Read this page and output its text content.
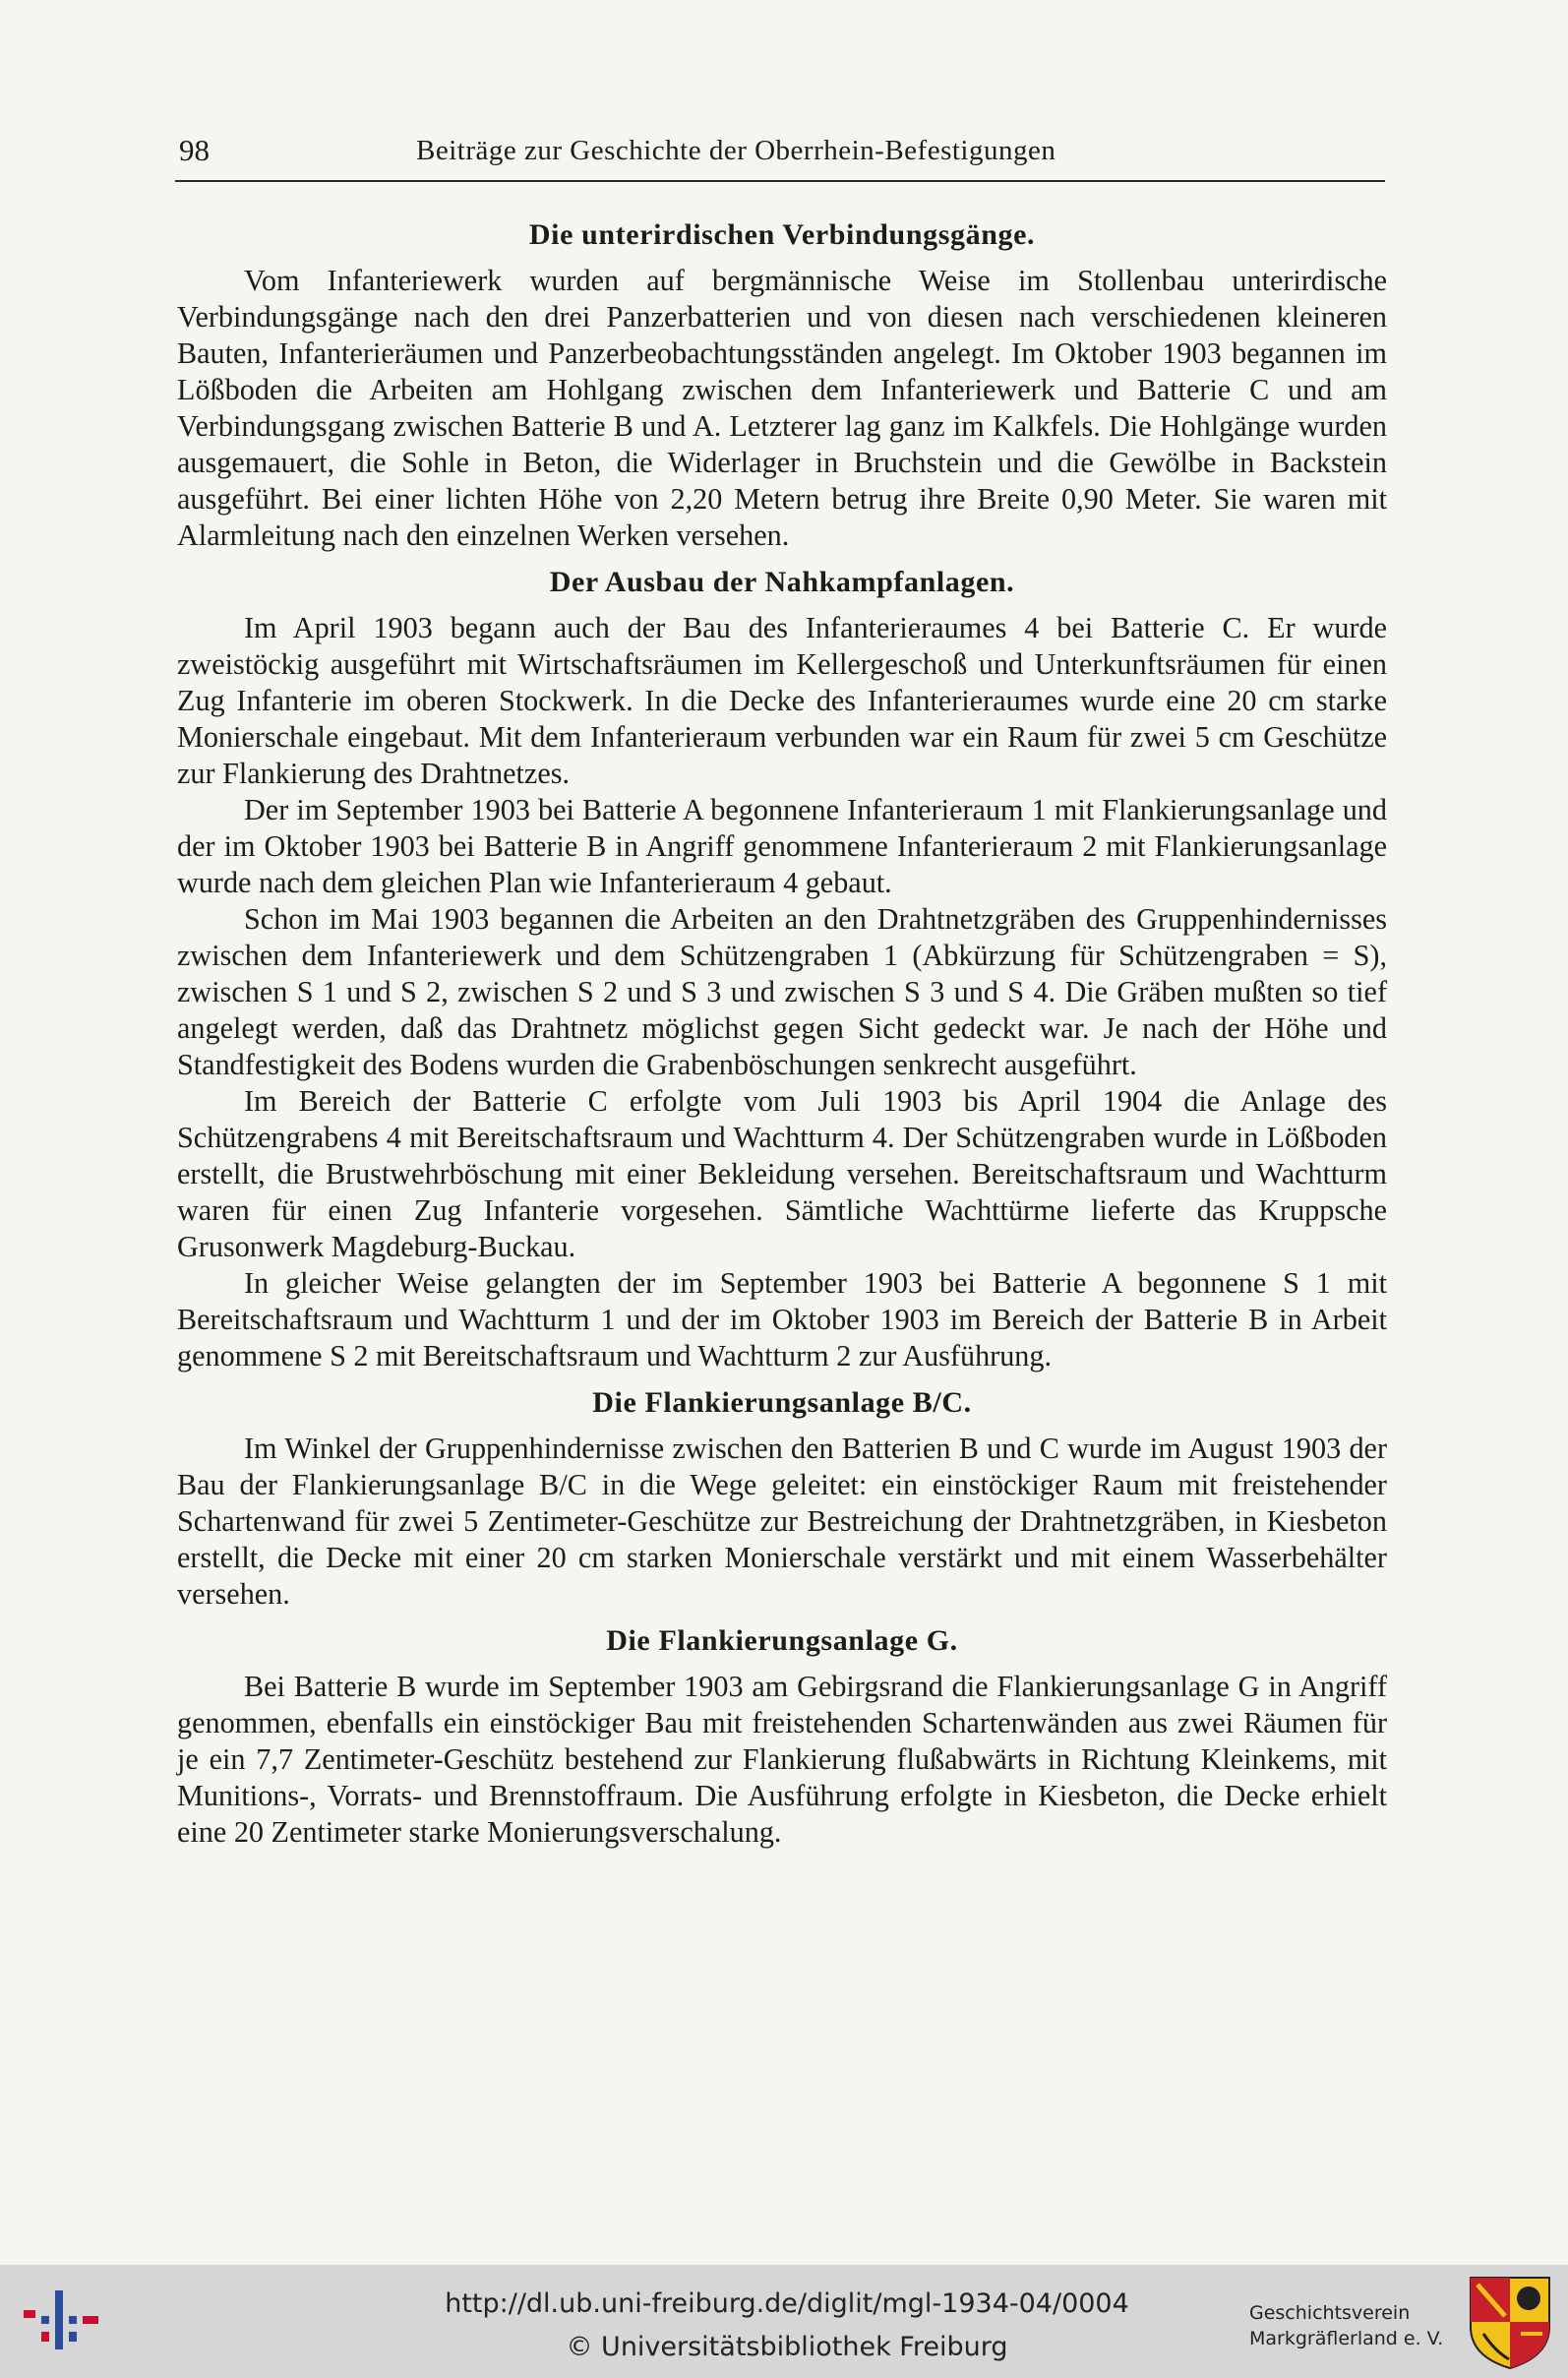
98	Beiträge zur Geschichte der Oberrhein-Befestigungen
Die unterirdischen Verbindungsgänge.

Vom Infanteriewerk wurden auf bergmännische Weise im Stollenbau unterirdische Verbindungsgänge nach den drei Panzerbatterien und von diesen nach verschiedenen kleineren Bauten, Infanterieräumen und Panzerbeobachtungsständen angelegt. Im Oktober 1903 begannen im Lößboden die Arbeiten am Hohlgang zwischen dem Infanteriewerk und Batterie C und am Verbindungsgang zwischen Batterie B und A. Letzterer lag ganz im Kalkfels. Die Hohlgänge wurden ausgemauert, die Sohle in Beton, die Widerlager in Bruchstein und die Gewölbe in Backstein ausgeführt. Bei einer lichten Höhe von 2,20 Metern betrug ihre Breite 0,90 Meter. Sie waren mit Alarmleitung nach den einzelnen Werken versehen.

Der Ausbau der Nahkampfanlagen.

Im April 1903 begann auch der Bau des Infanterieraumes 4 bei Batterie C. Er wurde zweistöckig ausgeführt mit Wirtschaftsräumen im Kellergeschoß und Unterkunftsräumen für einen Zug Infanterie im oberen Stockwerk. In die Decke des Infanterieraumes wurde eine 20 cm starke Monierschale eingebaut. Mit dem Infanterieraum verbunden war ein Raum für zwei 5 cm Geschütze zur Flankierung des Drahtnetzes.

Der im September 1903 bei Batterie A begonnene Infanterieraum 1 mit Flankierungsanlage und der im Oktober 1903 bei Batterie B in Angriff genommene Infanterieraum 2 mit Flankierungsanlage wurde nach dem gleichen Plan wie Infanterieraum 4 gebaut.

Schon im Mai 1903 begannen die Arbeiten an den Drahtnetzgräben des Gruppenhindernisses zwischen dem Infanteriewerk und dem Schützengraben 1 (Abkürzung für Schützengraben = S), zwischen S 1 und S 2, zwischen S 2 und S 3 und zwischen S 3 und S 4. Die Gräben mußten so tief angelegt werden, daß das Drahtnetz möglichst gegen Sicht gedeckt war. Je nach der Höhe und Standfestigkeit des Bodens wurden die Grabenböschungen senkrecht ausgeführt.

Im Bereich der Batterie C erfolgte vom Juli 1903 bis April 1904 die Anlage des Schützengrabens 4 mit Bereitschaftsraum und Wachtturm 4. Der Schützengraben wurde in Lößboden erstellt, die Brustwehrböschung mit einer Bekleidung versehen. Bereitschaftsraum und Wachtturm waren für einen Zug Infanterie vorgesehen. Sämtliche Wachttürme lieferte das Kruppsche Grusonwerk Magdeburg-Buckau.

In gleicher Weise gelangten der im September 1903 bei Batterie A begonnene S 1 mit Bereitschaftsraum und Wachtturm 1 und der im Oktober 1903 im Bereich der Batterie B in Arbeit genommene S 2 mit Bereitschaftsraum und Wachtturm 2 zur Ausführung.

Die Flankierungsanlage B/C.

Im Winkel der Gruppenhindernisse zwischen den Batterien B und C wurde im August 1903 der Bau der Flankierungsanlage B/C in die Wege geleitet: ein einstöckiger Raum mit freistehender Schartenwand für zwei 5 Zentimeter-Geschütze zur Bestreichung der Drahtnetzgräben, in Kiesbeton erstellt, die Decke mit einer 20 cm starken Monierschale verstärkt und mit einem Wasserbehälter versehen.

Die Flankierungsanlage G.

Bei Batterie B wurde im September 1903 am Gebirgsrand die Flankierungsanlage G in Angriff genommen, ebenfalls ein einstöckiger Bau mit freistehenden Schartenwänden aus zwei Räumen für je ein 7,7 Zentimeter-Geschütz bestehend zur Flankierung flußabwärts in Richtung Kleinkems, mit Munitions-, Vorrats- und Brennstoffraum. Die Ausführung erfolgte in Kiesbeton, die Decke erhielt eine 20 Zentimeter starke Monierungsverschalung.

http://dl.ub.uni-freiburg.de/diglit/mgl-1934-04/0004
© Universitätsbibliothek Freiburg
Geschichtsverein
Markgräflerland e. V.
